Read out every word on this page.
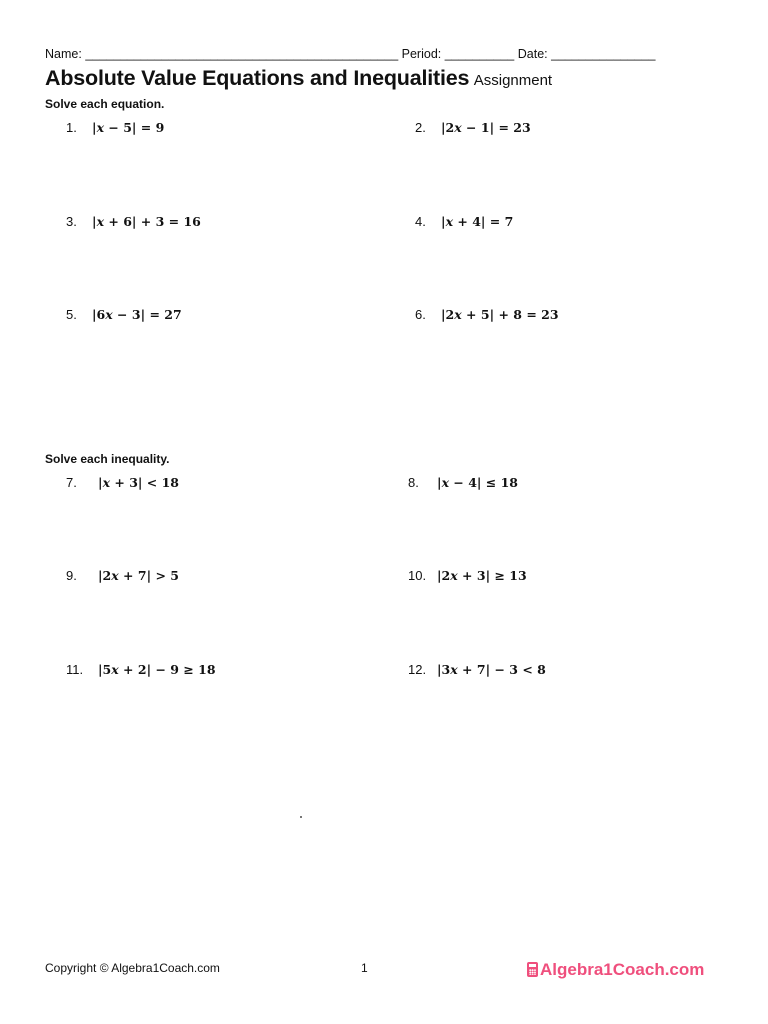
Name: _____________________________________________ Period: __________ Date: _______________
Absolute Value Equations and Inequalities Assignment
Solve each equation.
Solve each inequality.
1. |x − 5| = 9	2. |2x − 1| = 23
3. |x + 6| + 3 = 16	4. |x + 4| = 7
5. |6x − 3| = 27	6. |2x + 5| + 8 = 23
7. |x + 3| < 18	8. |x − 4| ≤ 18
9. |2x + 7| > 5	10. |2x + 3| ≥ 13
11. |5x + 2| − 9 ≥ 18	12. |3x + 7| − 3 < 8
Copyright © Algebra1Coach.com	1	Algebra1Coach.com
